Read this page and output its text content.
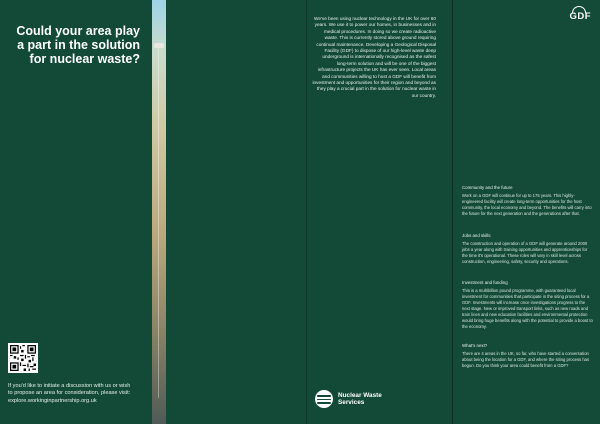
Could your area play a part in the solution for nuclear waste?

If you'd like to initiate a discussion with us or wish to propose an area for consideration, please visit:
explore.workinginpartnership.org.uk

We've been using nuclear technology in the UK for over 60 years. We use it to power our homes, in businesses and in medical procedures. In doing so we create radioactive waste. This is currently stored above ground requiring continual maintenance. Developing a Geological Disposal Facility (GDF) to dispose of our high-level waste deep underground is internationally recognised as the safest long-term solution and will be one of the biggest infrastructure projects the UK has ever seen. Local areas and communities willing to host a GDF will benefit from investment and opportunities for their region and beyond as they play a crucial part in the solution for nuclear waste in our country.

Nuclear Waste
Services
GDF
Community and the future
Work on a GDF will continue for up to 175 years. This highly-engineered facility will create long-term opportunities for the host community, the local economy and beyond. The benefits will carry into the future for the next generation and the generations after that.
Jobs and skills
The construction and operation of a GDF will generate around 2000 jobs a year along with training opportunities and apprenticeships for the time it's operational. These roles will vary in skill level across construction, engineering, safety, security and operations.
Investment and funding
This is a multibillion pound programme, with guaranteed local investment for communities that participate in the siting process for a GDF. Investments will increase once investigations progress to the next stage. New or improved transport links, such as new roads and train lines and new education facilities and environmental protection would bring huge benefits along with the potential to provide a boost to the economy.
What's next?
There are 4 areas in the UK, so far, who have started a conversation about being the location for a GDF, and where the siting process has begun. Do you think your area could benefit from a GDF?
